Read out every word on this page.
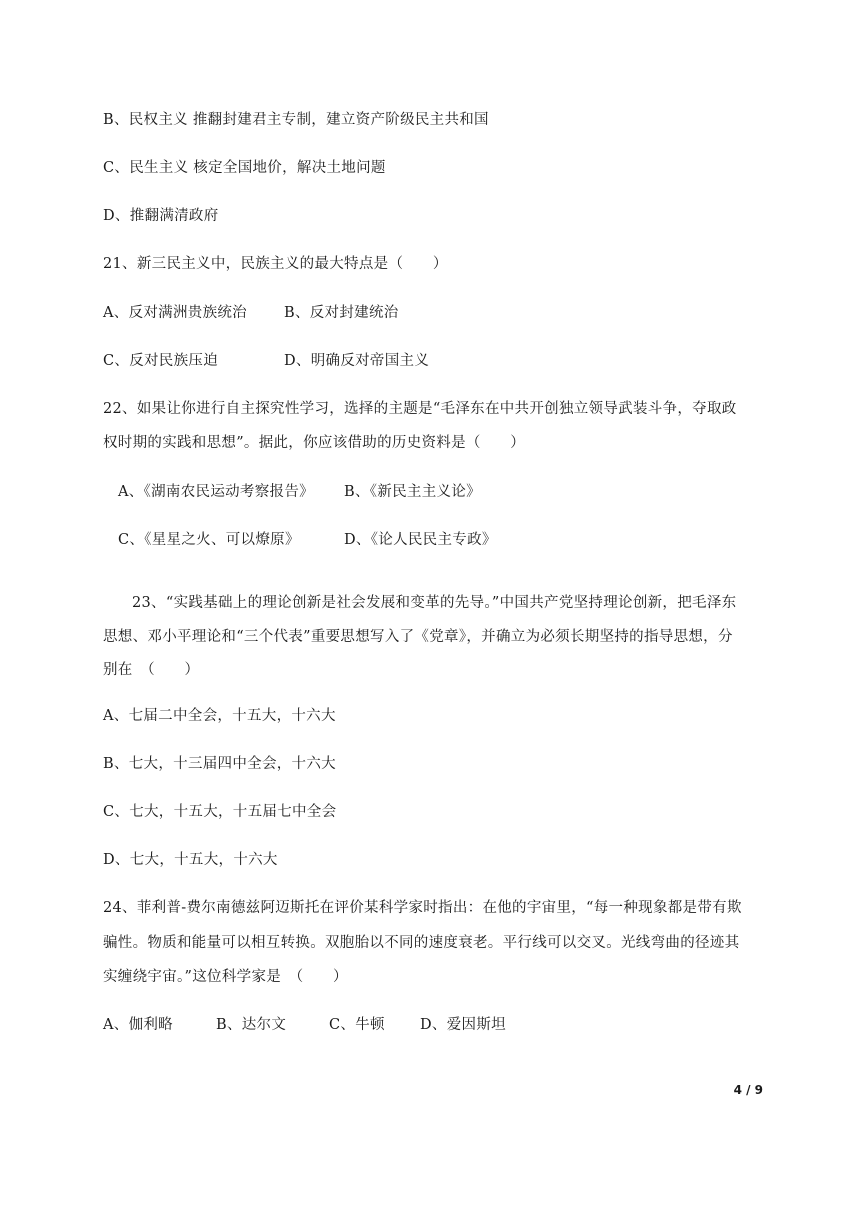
B、民权主义 推翻封建君主专制，建立资产阶级民主共和国
C、民生主义 核定全国地价，解决土地问题
D、推翻满清政府
21、新三民主义中，民族主义的最大特点是（　　）
A、反对满洲贵族统治	B、反对封建统治
C、反对民族压迫	D、明确反对帝国主义
22、如果让你进行自主探究性学习，选择的主题是“毛泽东在中共开创独立领导武装斗争，夺取政
权时期的实践和思想”。据此，你应该借助的历史资料是（　　）
A、《湖南农民运动考察报告》 B、《新民主主义论》
C、《星星之火、可以燎原》	D、《论人民民主专政》
23、“实践基础上的理论创新是社会发展和变革的先导。”中国共产党坚持理论创新，把毛泽东
思想、邓小平理论和“三个代表”重要思想写入了《党章》，并确立为必须长期坚持的指导思想，分
别在　（　　）
A、七届二中全会，十五大，十六大
B、七大，十三届四中全会，十六大
C、七大，十五大，十五届七中全会
D、七大，十五大，十六大
24、菲利普-费尔南德兹阿迈斯托在评价某科学家时指出：在他的宇宙里，“每一种现象都是带有欺
骗性。物质和能量可以相互转换。双胞胎以不同的速度衰老。平行线可以交叉。光线弯曲的径迹其
实缠绕宇宙。”这位科学家是　（　　）
A、伽利略	B、达尔文	C、牛顿 D、爱因斯坦
4 / 9
